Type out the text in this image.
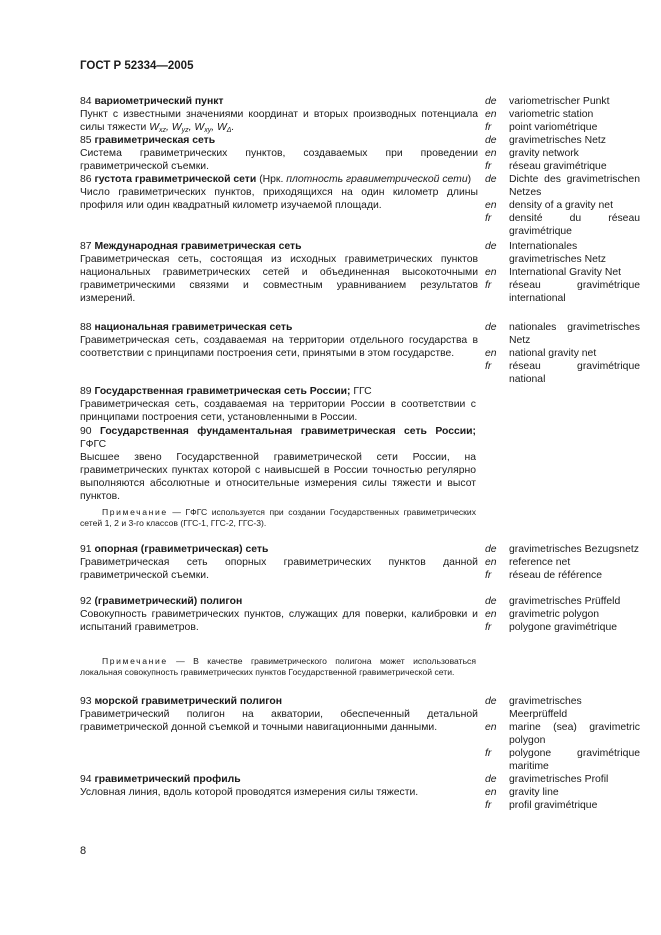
ГОСТ Р 52334—2005

84 вариометрический пункт

Пункт с известными значениями координат и вторых производных потенциала силы тяжести $W_{xz}$, $W_{yz}$, $W_{xy}$, $W_\Delta$.

de variometrischer Punkt
en variometric station
fr point variométrique

85 гравиметрическая сеть

Система гравиметрических пунктов, создаваемых при проведении гравиметрической съемки.

de gravimetrisches Netz
en gravity network
fr réseau gravimétrique

86 густота гравиметрической сети (Нрк. плотность гравиметрической сети)

Число гравиметрических пунктов, приходящихся на один километр длины профиля или один квадратный километр изучаемой площади.

de Dichte des gravimetrischen Netzes
en density of a gravity net
fr densité du réseau gravimétrique

87 Международная гравиметрическая сеть

Гравиметрическая сеть, состоящая из исходных гравиметрических пунктов национальных гравиметрических сетей и объединенная высокоточными гравиметрическими связями и совместным уравниванием результатов измерений.

de Internationales gravimetrisches Netz
en International Gravity Net
fr réseau gravimétrique international

88 национальная гравиметрическая сеть

Гравиметрическая сеть, создаваемая на территории отдельного государства в соответствии с принципами построения сети, принятыми в этом государстве.

de nationales gravimetrisches Netz
en national gravity net
fr réseau gravimétrique national

89 Государственная гравиметрическая сеть России; ГГС

Гравиметрическая сеть, создаваемая на территории России в соответствии с принципами построения сети, установленными в России.

90 Государственная фундаментальная гравиметрическая сеть России; ГФГС

Высшее звено Государственной гравиметрической сети России, на гравиметрических пунктах которой с наивысшей в России точностью регулярно выполняются абсолютные и относительные измерения силы тяжести и высот пунктов.

Примечание — ГФГС используется при создании Государственных гравиметрических сетей 1, 2 и 3-го классов (ГГС-1, ГГС-2, ГГС-3).

91 опорная (гравиметрическая) сеть

Гравиметрическая сеть опорных гравиметрических пунктов данной гравиметрической съемки.

de gravimetrisches Bezugsnetz
en reference net
fr réseau de référence

92 (гравиметрический) полигон

Совокупность гравиметрических пунктов, служащих для поверки, калибровки и испытаний гравиметров.

de gravimetrisches Prüffeld
en gravimetric polygon
fr polygone gravimétrique

Примечание — В качестве гравиметрического полигона может использоваться локальная совокупность гравиметрических пунктов Государственной гравиметрической сети.

93 морской гравиметрический полигон

Гравиметрический полигон на акватории, обеспеченный детальной гравиметрической донной съемкой и точными навигационными данными.

de gravimetrisches Meerprüffeld
en marine (sea) gravimetric polygon
fr polygone gravimétrique maritime

94 гравиметрический профиль

Условная линия, вдоль которой проводятся измерения силы тяжести.

de gravimetrisches Profil
en gravity line
fr profil gravimétrique
8
